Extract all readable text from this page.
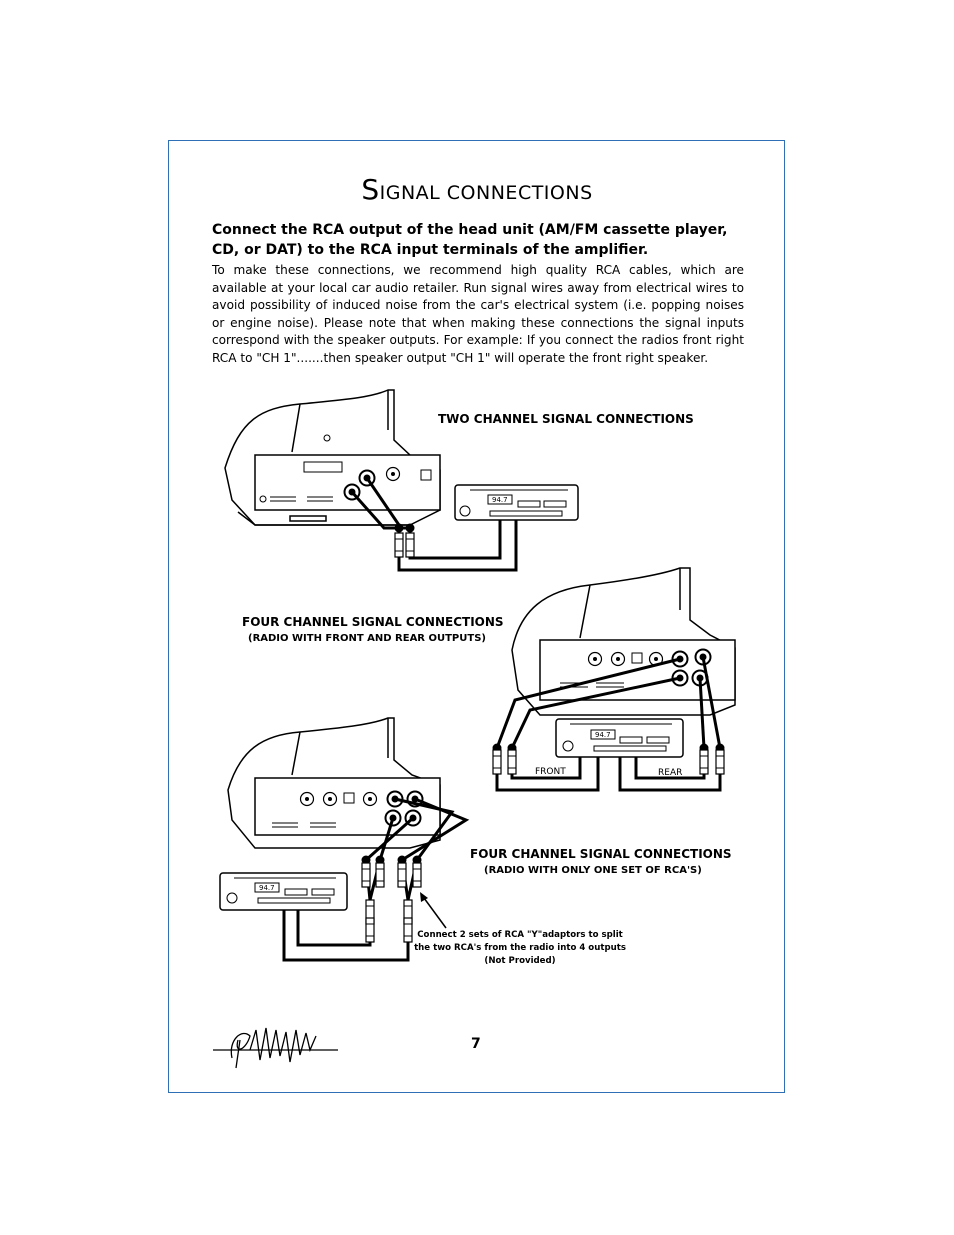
SIGNAL CONNECTIONS
Connect the RCA output of the head unit (AM/FM cassette player, CD, or DAT) to the RCA input terminals of the amplifier.
To make these connections, we recommend high quality RCA cables, which are available at your local car audio retailer. Run signal wires away from electrical wires to avoid possibility of induced noise from the car's electrical system (i.e. popping noises or engine noise). Please note that when making these connections the signal inputs correspond with the speaker outputs. For example: If you connect the radios front right RCA to "CH 1".......then speaker output "CH 1" will operate the front right speaker.
94.7
94.7
94.7
TWO CHANNEL SIGNAL CONNECTIONS
FOUR CHANNEL SIGNAL CONNECTIONS
(RADIO WITH FRONT AND REAR OUTPUTS)
FRONT	REAR
FOUR CHANNEL SIGNAL CONNECTIONS
(RADIO WITH ONLY ONE SET OF RCA'S)
Connect 2 sets of RCA "Y"adaptors to split the two RCA's from the radio into 4 outputs (Not Provided)
7
